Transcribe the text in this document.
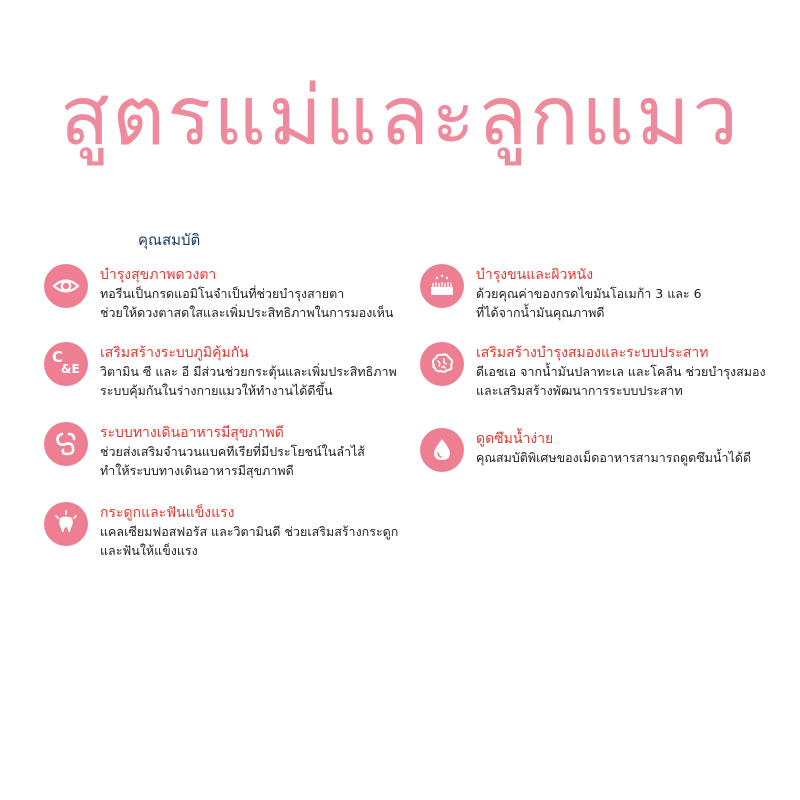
สูตรแม่และลูกแมว
คุณสมบัติ
บำรุงสุขภาพดวงตา
ทอรีนเป็นกรดแอมิโนจำเป็นที่ช่วยบำรุงสายตา
ช่วยให้ดวงตาสดใสและเพิ่มประสิทธิภาพในการมองเห็น
C
&E
เสริมสร้างระบบภูมิคุ้มกัน
วิตามิน ซี และ อี มีส่วนช่วยกระตุ้นและเพิ่มประสิทธิภาพ
ระบบคุ้มกันในร่างกายแมวให้ทำงานได้ดีขึ้น
ระบบทางเดินอาหารมีสุขภาพดี
ช่วยส่งเสริมจำนวนแบคทีเรียที่มีประโยชน์ในลำไส้
ทำให้ระบบทางเดินอาหารมีสุขภาพดี
กระดูกและฟันแข็งแรง
แคลเซียมฟอสฟอรัส และวิตามินดี ช่วยเสริมสร้างกระดูก
และฟันให้แข็งแรง
บำรุงขนและผิวหนัง
ด้วยคุณค่าของกรดไขมันโอเมก้า 3 และ 6
ที่ได้จากน้ำมันคุณภาพดี
เสริมสร้างบำรุงสมองและระบบประสาท
ดีเอชเอ จากน้ำมันปลาทะเล และโคลีน ช่วยบำรุงสมอง
และเสริมสร้างพัฒนาการระบบประสาท
ดูดซึมน้ำง่าย
คุณสมบัติพิเศษของเม็ดอาหารสามารถดูดซึมน้ำได้ดี
